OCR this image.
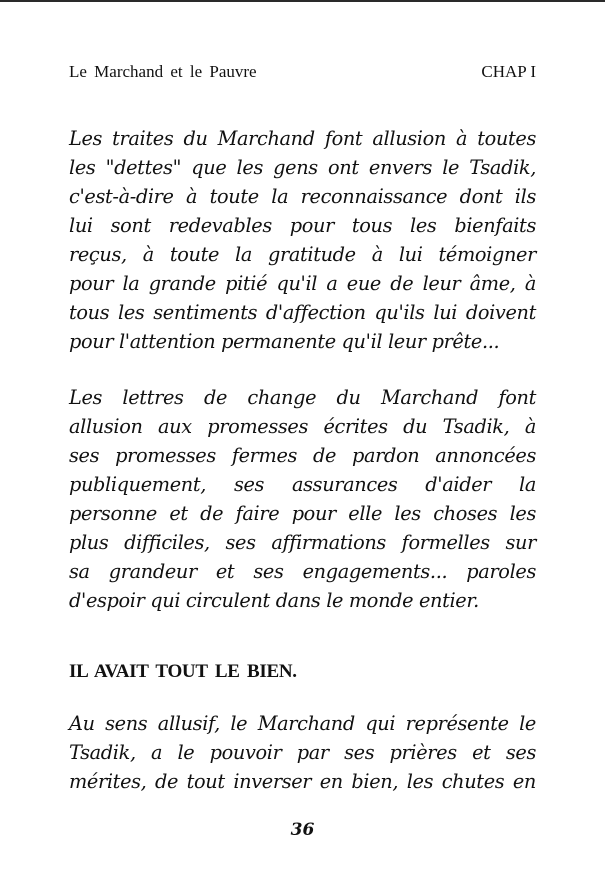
Le Marchand et le Pauvre	CHAP I
Les traites du Marchand font allusion à toutes
les "dettes" que les gens ont envers le Tsadik,
c'est-à-dire à toute la reconnaissance dont ils
lui sont redevables pour tous les bienfaits
reçus, à toute la gratitude à lui témoigner
pour la grande pitié qu'il a eue de leur âme, à
tous les sentiments d'affection qu'ils lui doivent
pour l'attention permanente qu'il leur prête...
Les lettres de change du Marchand font
allusion aux promesses écrites du Tsadik, à
ses promesses fermes de pardon annoncées
publiquement, ses assurances d'aider la
personne et de faire pour elle les choses les
plus difficiles, ses affirmations formelles sur
sa grandeur et ses engagements... paroles
d'espoir qui circulent dans le monde entier.
IL AVAIT TOUT LE BIEN.
Au sens allusif, le Marchand qui représente le
Tsadik, a le pouvoir par ses prières et ses
mérites, de tout inverser en bien, les chutes en
36
